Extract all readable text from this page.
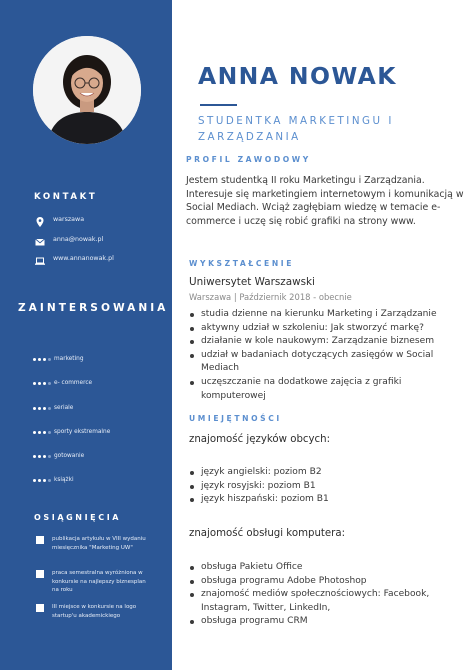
KONTAKT
warszawa
anna@nowak.pl
www.annanowak.pl
ZAINTERSOWANIA
marketing
e- commerce
seriale
sporty ekstremalne
gotowanie
książki
OSIĄGNIĘCIA
publikacja artykułu w VIII wydaniu miesięcznika "Marketing UW"
praca semestralna wyróżniona w konkursie na najlepszy biznesplan na roku
III miejsce w konkursie na logo startup'u akademickiego
ANNA NOWAK
STUDENTKA MARKETINGU I ZARZĄDZANIA
PROFIL ZAWODOWY
Jestem studentką II roku Marketingu i Zarządzania. Interesuje się marketingiem internetowym i komunikacją w Social Mediach. Wciąż zagłębiam wiedzę w temacie e-commerce i uczę się robić grafiki na strony www.
WYKSZTAŁCENIE
Uniwersytet Warszawski
Warszawa | Październik 2018 - obecnie
studia dzienne na kierunku Marketing i Zarządzanie
aktywny udział w szkoleniu: Jak stworzyć markę?
działanie w kole naukowym: Zarządzanie biznesem
udział w badaniach dotyczących zasięgów w Social Mediach
uczęszczanie na dodatkowe zajęcia z grafiki komputerowej
UMIEJĘTNOŚCI
znajomość języków obcych:
język angielski: poziom B2
język rosyjski: poziom B1
język hiszpański: poziom B1
znajomość obsługi komputera:
obsługa Pakietu Office
obsługa programu Adobe Photoshop
znajomość mediów społecznościowych: Facebook, Instagram, Twitter, LinkedIn,
obsługa programu CRM
